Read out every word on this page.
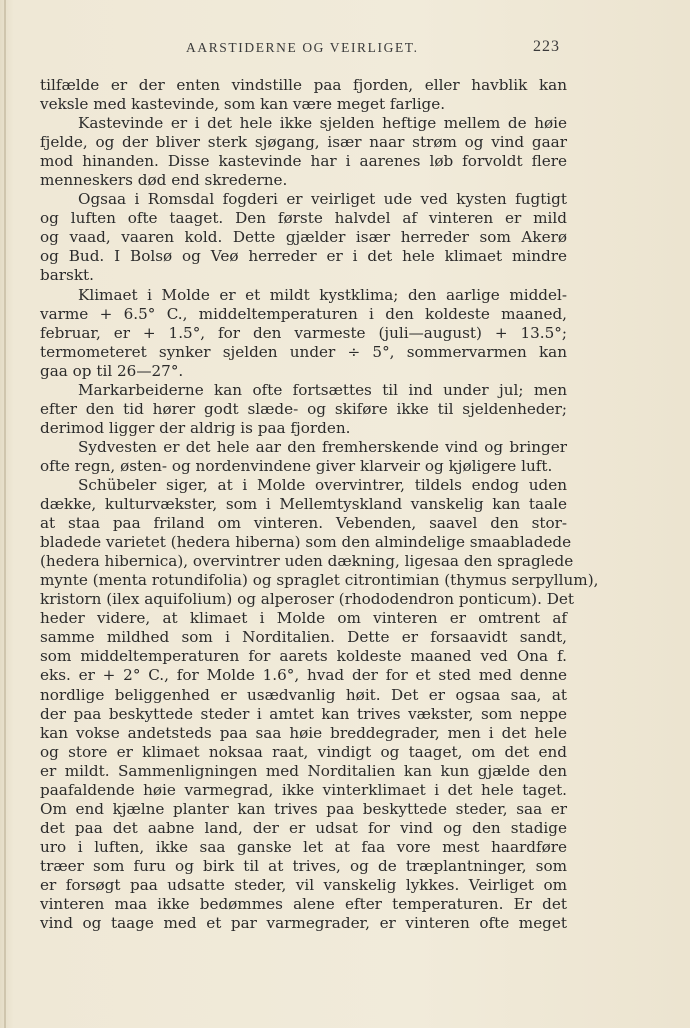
AARSTIDERNE OG VEIRLIGET.	223
tilfælde er der enten vindstille paa fjorden, eller havblik kan
veksle med kastevinde, som kan være meget farlige.
Kastevinde er i det hele ikke sjelden heftige mellem de høie
fjelde, og der bliver sterk sjøgang, især naar strøm og vind gaar
mod hinanden. Disse kastevinde har i aarenes løb forvoldt flere
menneskers død end skrederne.
Ogsaa i Romsdal fogderi er veirliget ude ved kysten fugtigt
og luften ofte taaget. Den første halvdel af vinteren er mild
og vaad, vaaren kold. Dette gjælder især herreder som Akerø
og Bud. I Bolsø og Veø herreder er i det hele klimaet mindre
barskt.
Klimaet i Molde er et mildt kystklima; den aarlige middel-
varme + 6.5° C., middeltemperaturen i den koldeste maaned,
februar, er + 1.5°, for den varmeste (juli—august) + 13.5°;
termometeret synker sjelden under ÷ 5°, sommervarmen kan
gaa op til 26—27°.
Markarbeiderne kan ofte fortsættes til ind under jul; men
efter den tid hører godt slæde- og skiføre ikke til sjeldenheder;
derimod ligger der aldrig is paa fjorden.
Sydvesten er det hele aar den fremherskende vind og bringer
ofte regn, østen- og nordenvindene giver klarveir og kjøligere luft.
Schübeler siger, at i Molde overvintrer, tildels endog uden
dække, kulturvækster, som i Mellemtyskland vanskelig kan taale
at staa paa friland om vinteren. Vebenden, saavel den stor-
bladede varietet (hedera hiberna) som den almindelige smaabladede
(hedera hibernica), overvintrer uden dækning, ligesaa den spraglede
mynte (menta rotundifolia) og spraglet citrontimian (thymus serpyllum),
kristorn (ilex aquifolium) og alperoser (rhododendron ponticum). Det
heder videre, at klimaet i Molde om vinteren er omtrent af
samme mildhed som i Norditalien. Dette er forsaavidt sandt,
som middeltemperaturen for aarets koldeste maaned ved Ona f.
eks. er + 2° C., for Molde 1.6°, hvad der for et sted med denne
nordlige beliggenhed er usædvanlig høit. Det er ogsaa saa, at
der paa beskyttede steder i amtet kan trives vækster, som neppe
kan vokse andetsteds paa saa høie breddegrader, men i det hele
og store er klimaet noksaa raat, vindigt og taaget, om det end
er mildt. Sammenligningen med Norditalien kan kun gjælde den
paafaldende høie varmegrad, ikke vinterklimaet i det hele taget.
Om end kjælne planter kan trives paa beskyttede steder, saa er
det paa det aabne land, der er udsat for vind og den stadige
uro i luften, ikke saa ganske let at faa vore mest haardføre
træer som furu og birk til at trives, og de træplantninger, som
er forsøgt paa udsatte steder, vil vanskelig lykkes. Veirliget om
vinteren maa ikke bedømmes alene efter temperaturen. Er det
vind og taage med et par varmegrader, er vinteren ofte meget
